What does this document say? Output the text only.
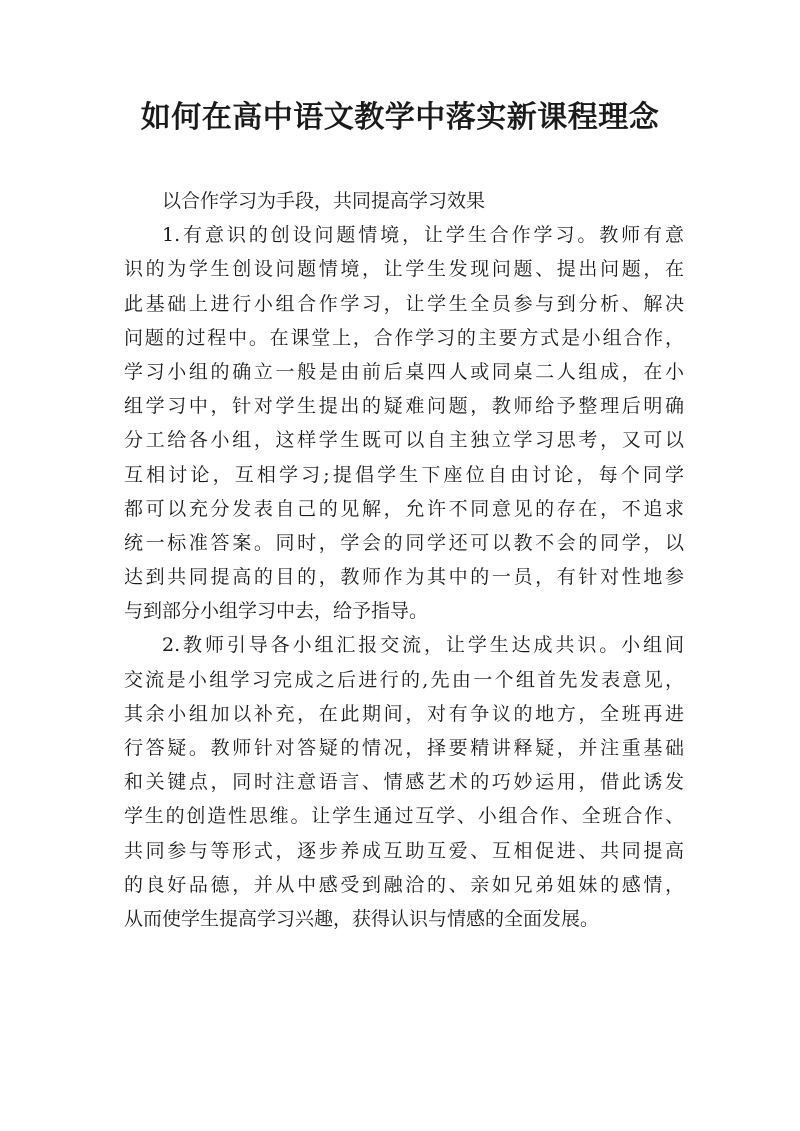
如何在高中语文教学中落实新课程理念
以合作学习为手段，共同提高学习效果
1.有意识的创设问题情境，让学生合作学习。教师有意
识的为学生创设问题情境，让学生发现问题、提出问题，在
此基础上进行小组合作学习，让学生全员参与到分析、解决
问题的过程中。在课堂上，合作学习的主要方式是小组合作，
学习小组的确立一般是由前后桌四人或同桌二人组成，在小
组学习中，针对学生提出的疑难问题，教师给予整理后明确
分工给各小组，这样学生既可以自主独立学习思考，又可以
互相讨论，互相学习;提倡学生下座位自由讨论，每个同学
都可以充分发表自己的见解，允许不同意见的存在，不追求
统一标准答案。同时，学会的同学还可以教不会的同学，以
达到共同提高的目的，教师作为其中的一员，有针对性地参
与到部分小组学习中去，给予指导。
2.教师引导各小组汇报交流，让学生达成共识。小组间
交流是小组学习完成之后进行的,先由一个组首先发表意见，
其余小组加以补充，在此期间，对有争议的地方，全班再进
行答疑。教师针对答疑的情况，择要精讲释疑，并注重基础
和关键点，同时注意语言、情感艺术的巧妙运用，借此诱发
学生的创造性思维。让学生通过互学、小组合作、全班合作、
共同参与等形式，逐步养成互助互爱、互相促进、共同提高
的良好品德，并从中感受到融洽的、亲如兄弟姐妹的感情，
从而使学生提高学习兴趣，获得认识与情感的全面发展。
